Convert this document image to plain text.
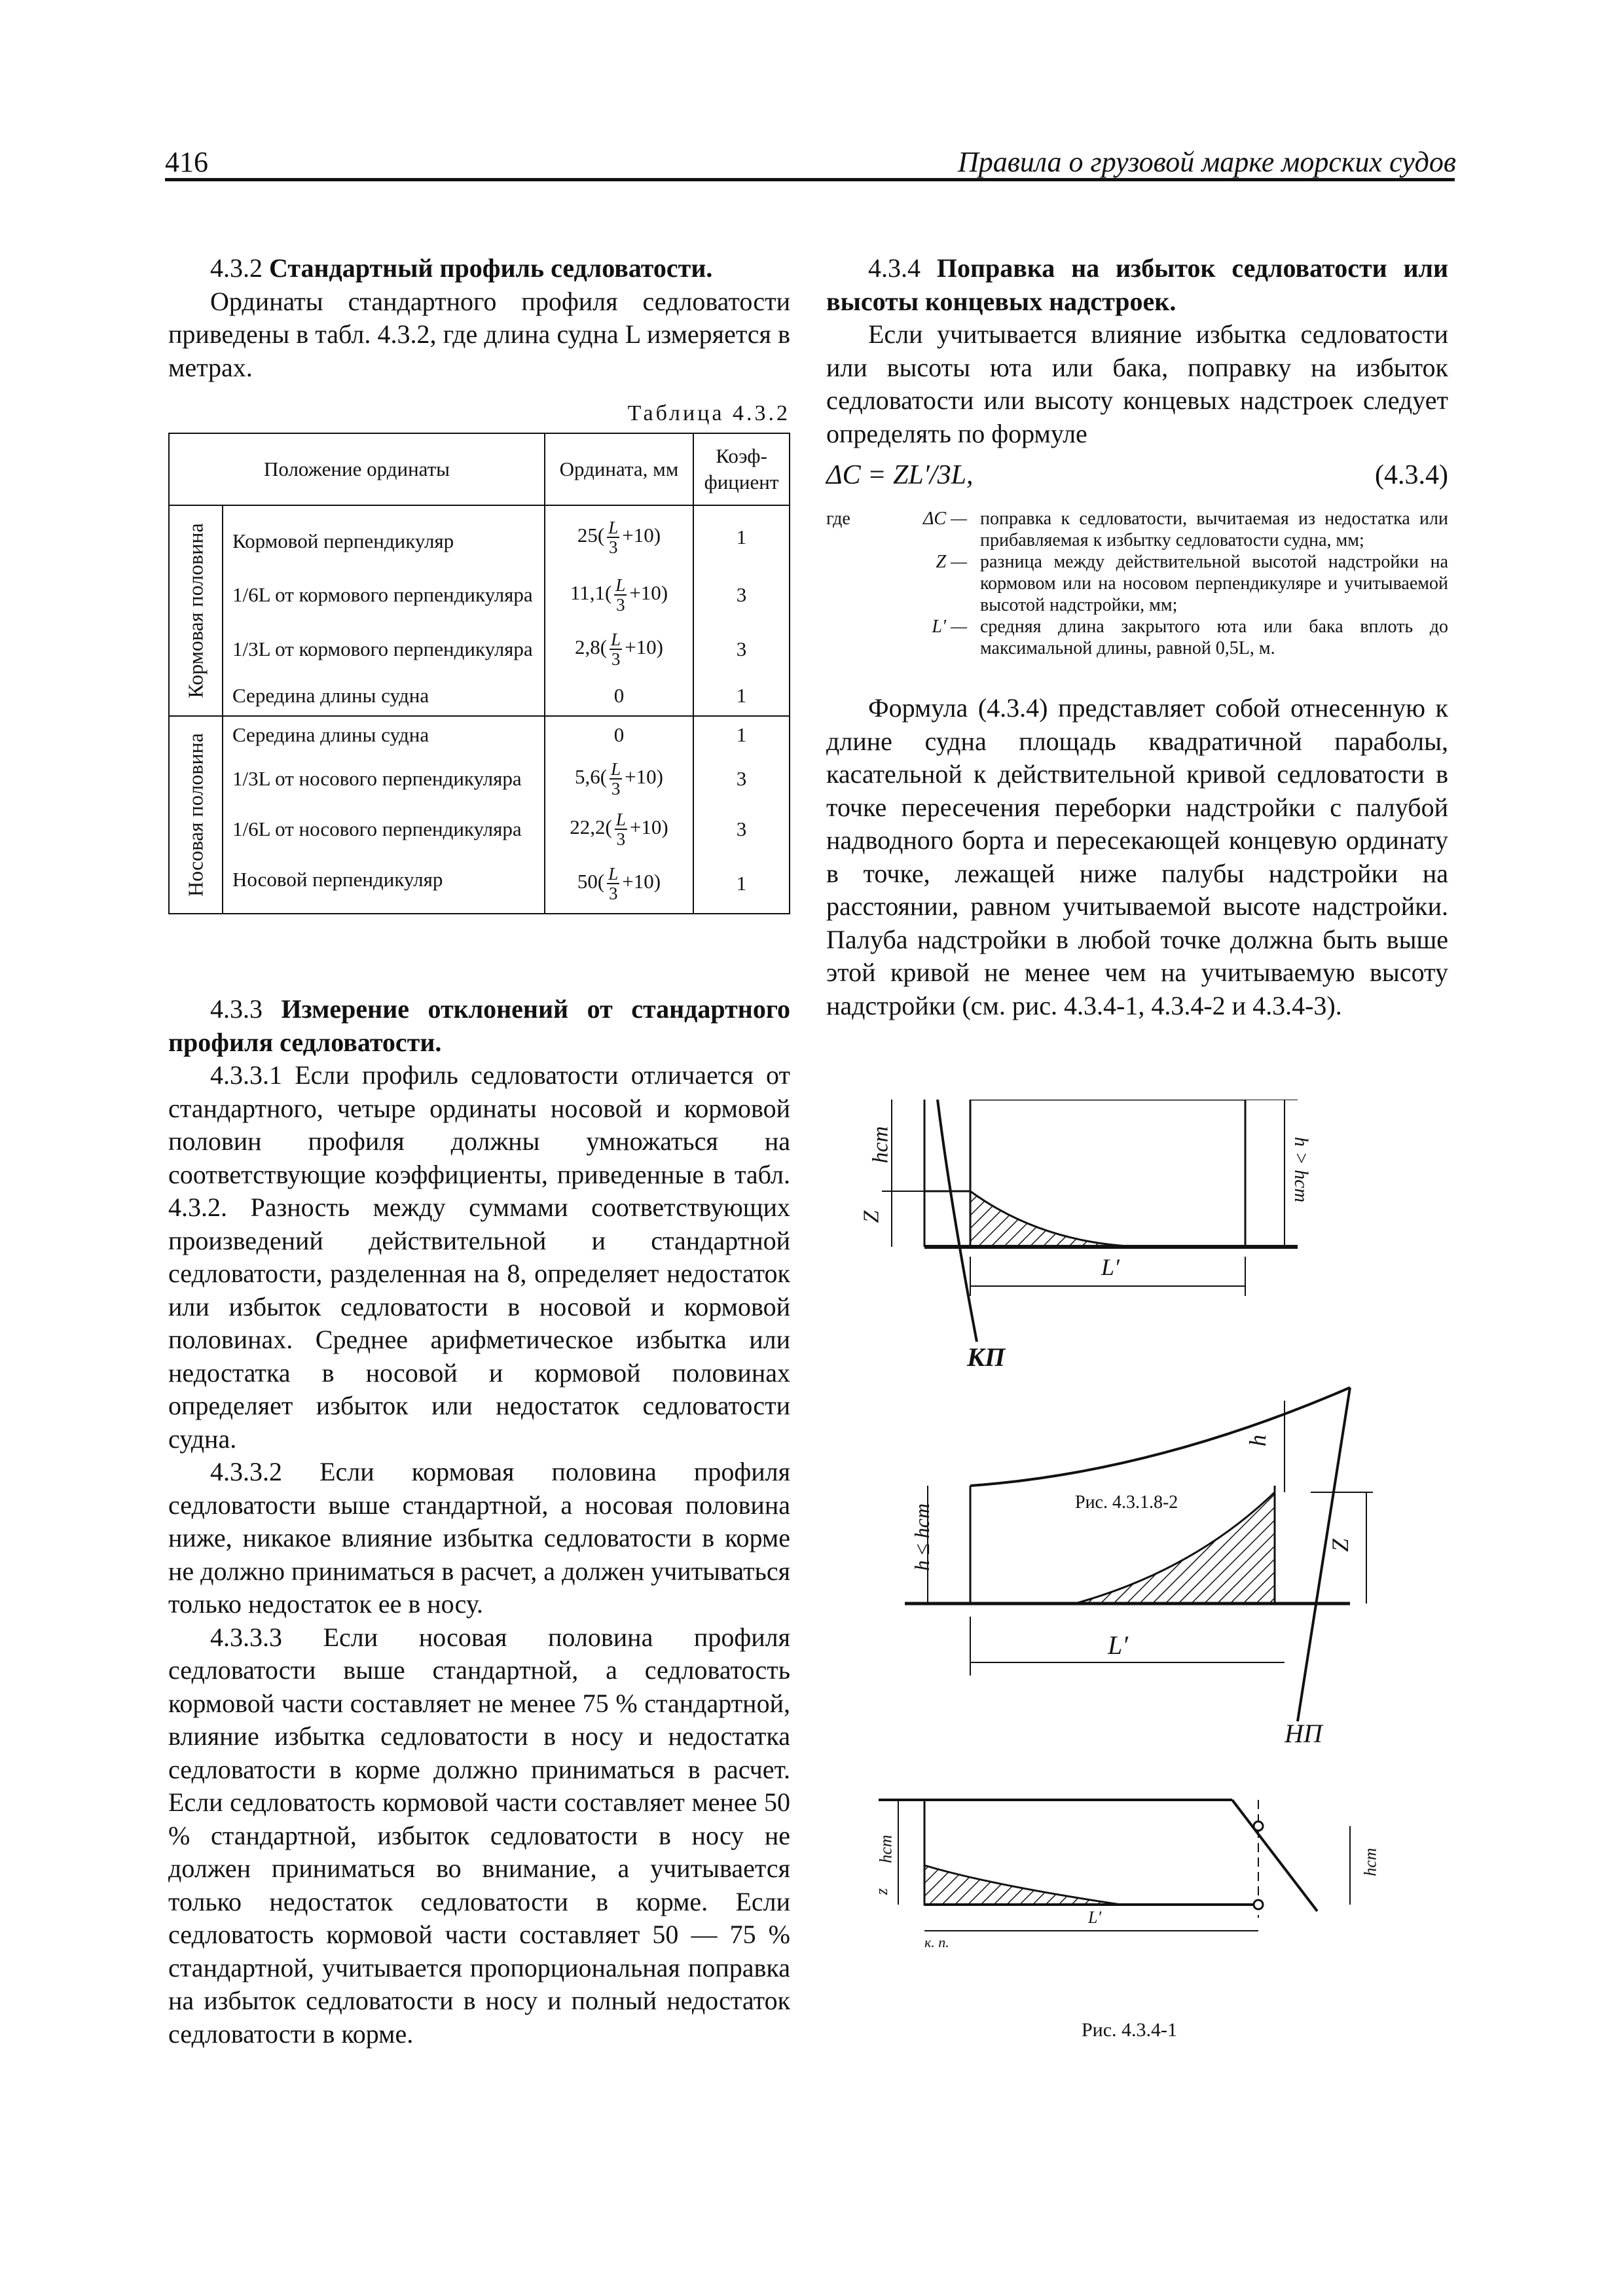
416	Правила о грузовой марке морских судов

4.3.2 Стандартный профиль седловатости.

Ординаты стандартного профиля седловатости приведены в табл. 4.3.2, где длина судна L измеряется в метрах.

Таблица 4.3.2
Положение ординаты		Ордината, мм	Коэф-фициент

Кормовая половина	Кормовой перпендикуляр	$25( \frac{L}{3} +10)$	1
	1/6L от кормового перпендикуляра	$11,1( \frac{L}{3} +10)$	3
	1/3L от кормового перпендикуляра	$2,8( \frac{L}{3} +10)$	3
	Середина длины судна	0	1

Носовая половина	Середина длины судна	0	1
	1/3L от носового перпендикуляра	$5,6( \frac{L}{3} +10)$	3
	1/6L от носового перпендикуляра	$22,2( \frac{L}{3} +10)$	3
	Носовой перпендикуляр	$50( \frac{L}{3} +10)$	1

4.3.3 Измерение отклонений от стандартного профиля седловатости.

4.3.3.1 Если профиль седловатости отличается от стандартного, четыре ординаты носовой и кормовой половин профиля должны умножаться на соответствующие коэффициенты, приведенные в табл. 4.3.2. Разность между суммами соответствующих произведений действительной и стандартной седловатости, разделенная на 8, определяет недостаток или избыток седловатости в носовой и кормовой половинах. Среднее арифметическое избытка или недостатка в носовой и кормовой половинах определяет избыток или недостаток седловатости судна.

4.3.3.2 Если кормовая половина профиля седловатости выше стандартной, а носовая половина ниже, никакое влияние избытка седловатости в корме не должно приниматься в расчет, а должен учитываться только недостаток ее в носу.

4.3.3.3 Если носовая половина профиля седловатости выше стандартной, а седловатость кормовой части составляет не менее 75 % стандартной, влияние избытка седловатости в носу и недостатка седловатости в корме должно приниматься в расчет. Если седловатость кормовой части составляет менее 50 % стандартной, избыток седловатости в носу не должен приниматься во внимание, а учитывается только недостаток седловатости в корме. Если седловатость кормовой части составляет 50 — 75 % стандартной, учитывается пропорциональная поправка на избыток седловатости в носу и полный недостаток седловатости в корме.

4.3.4 Поправка на избыток седловатости или высоты концевых надстроек.

Если учитывается влияние избытка седловатости или высоты юта или бака, поправку на избыток седловатости или высоту концевых надстроек следует определять по формуле

ΔC = ZL′/3L,	(4.3.4)
где	ΔC — поправка к седловатости, вычитаемая из недостатка или прибавляемая к избытку седловатости судна, мм;
Z — разница между действительной высотой надстройки на кормовом или на носовом перпендикуляре и учитываемой высотой надстройки, мм;
L′ — средняя длина закрытого юта или бака вплоть до максимальной длины, равной 0,5L, м.

Формула (4.3.4) представляет собой отнесенную к длине судна площадь квадратичной параболы, касательной к действительной кривой седловатости в точке пересечения переборки надстройки с палубой надводного борта и пересекающей концевую ординату в точке, лежащей ниже палубы надстройки на расстоянии, равном учитываемой высоте надстройки. Палуба надстройки в любой точке должна быть выше этой кривой не менее чем на учитываемую высоту надстройки (см. рис. 4.3.4-1, 4.3.4-2 и 4.3.4-3).

hст
Z
h > hст
L′
КП
Рис. 4.3.1.8-2
h ≤ hст
h
Z
L′
НП
hст
z
hст
L′
к. п.
Рис. 4.3.4-1
